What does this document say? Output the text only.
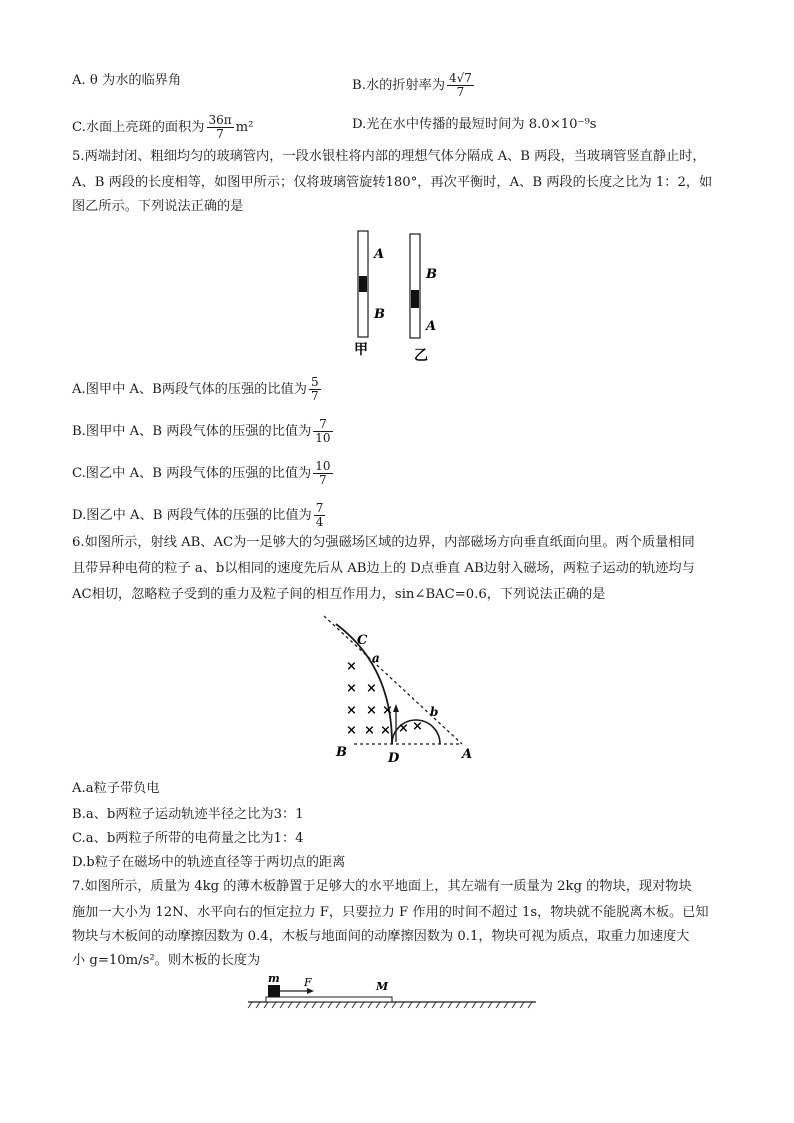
A. θ 为水的临界角	B.水的折射率为 $\frac{4√7}{7}$
C.水面上亮斑的面积为 $\frac{36\pi}{7} m^2$	D.光在水中传播的最短时间为 8.0×10⁻⁹s
5.两端封闭、粗细均匀的玻璃管内，一段水银柱将内部的理想气体分隔成 A、B 两段，当玻璃管竖直静止时，
A、B 两段的长度相等，如图甲所示；仅将玻璃管旋转180°，再次平衡时，A、B 两段的长度之比为 1：2，如
图乙所示。下列说法正确的是
A
B
甲
B
A
乙
A.图甲中 A、B两段气体的压强的比值为 $\frac{5}{7}$
B.图甲中 A、B 两段气体的压强的比值为 $\frac{7}{10}$
C.图乙中 A、B 两段气体的压强的比值为 $\frac{10}{7}$
D.图乙中 A、B 两段气体的压强的比值为 $\frac{7}{4}$
6.如图所示，射线 AB、AC为一足够大的匀强磁场区域的边界，内部磁场方向垂直纸面向里。两个质量相同
且带异种电荷的粒子 a、b以相同的速度先后从 AB边上的 D点垂直 AB边射入磁场，两粒子运动的轨迹均与
AC相切，忽略粒子受到的重力及粒子间的相互作用力，sin∠BAC=0.6，下列说法正确的是
×
× ×
× × ×
× × × × ×
C
a
b
B	D	A
A.a粒子带负电
B.a、b两粒子运动轨迹半径之比为3：1
C.a、b两粒子所带的电荷量之比为1：4
D.b粒子在磁场中的轨迹直径等于两切点的距离
7.如图所示，质量为 4kg 的薄木板静置于足够大的水平地面上，其左端有一质量为 2kg 的物块，现对物块
施加一大小为 12N、水平向右的恒定拉力 F，只要拉力 F 作用的时间不超过 1s，物块就不能脱离木板。已知
物块与木板间的动摩擦因数为 0.4，木板与地面间的动摩擦因数为 0.1，物块可视为质点，取重力加速度大
小 g=10m/s²。则木板的长度为
m F	M
